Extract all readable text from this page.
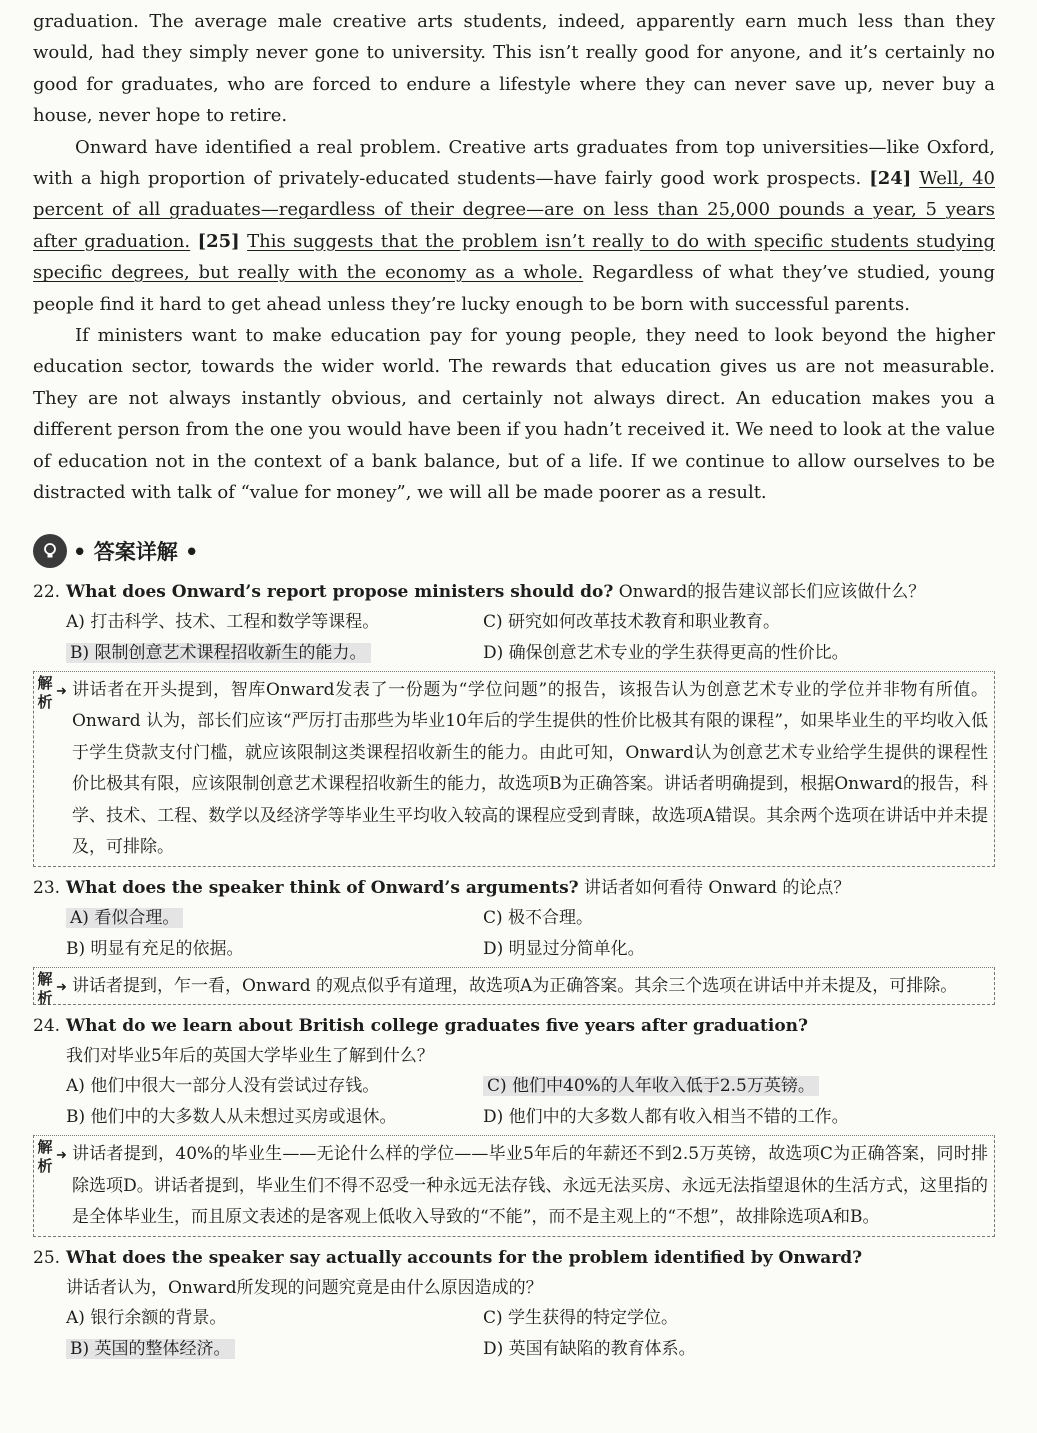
graduation. The average male creative arts students, indeed, apparently earn much less than they would, had they simply never gone to university. This isn’t really good for anyone, and it’s certainly no good for graduates, who are forced to endure a lifestyle where they can never save up, never buy a house, never hope to retire.

Onward have identified a real problem. Creative arts graduates from top universities—like Oxford, with a high proportion of privately-educated students—have fairly good work prospects. [24] Well, 40 percent of all graduates—regardless of their degree—are on less than 25,000 pounds a year, 5 years after graduation. [25] This suggests that the problem isn’t really to do with specific students studying specific degrees, but really with the economy as a whole. Regardless of what they’ve studied, young people find it hard to get ahead unless they’re lucky enough to be born with successful parents.

If ministers want to make education pay for young people, they need to look beyond the higher education sector, towards the wider world. The rewards that education gives us are not measurable. They are not always instantly obvious, and certainly not always direct. An education makes you a different person from the one you would have been if you hadn’t received it. We need to look at the value of education not in the context of a bank balance, but of a life. If we continue to allow ourselves to be distracted with talk of “value for money”, we will all be made poorer as a result.

• 答案详解 •
22. What does Onward’s report propose ministers should do? Onward的报告建议部长们应该做什么？
A) 打击科学、技术、工程和数学等课程。	C) 研究如何改革技术教育和职业教育。
B) 限制创意艺术课程招收新生的能力。	D) 确保创意艺术专业的学生获得更高的性价比。
解析
➜ 讲话者在开头提到，智库Onward发表了一份题为“学位问题”的报告，该报告认为创意艺术专业的学位并非物有所值。Onward 认为，部长们应该“严厉打击那些为毕业10年后的学生提供的性价比极其有限的课程”，如果毕业生的平均收入低于学生贷款支付门槛，就应该限制这类课程招收新生的能力。由此可知，Onward认为创意艺术专业给学生提供的课程性价比极其有限，应该限制创意艺术课程招收新生的能力，故选项B为正确答案。讲话者明确提到，根据Onward的报告，科学、技术、工程、数学以及经济学等毕业生平均收入较高的课程应受到青睐，故选项A错误。其余两个选项在讲话中并未提及，可排除。
23. What does the speaker think of Onward’s arguments? 讲话者如何看待 Onward 的论点？
A) 看似合理。	C) 极不合理。
B) 明显有充足的依据。	D) 明显过分简单化。
解析
➜ 讲话者提到，乍一看，Onward 的观点似乎有道理，故选项A为正确答案。其余三个选项在讲话中并未提及，可排除。
24. What do we learn about British college graduates five years after graduation?
我们对毕业5年后的英国大学毕业生了解到什么？
A) 他们中很大一部分人没有尝试过存钱。	C) 他们中40%的人年收入低于2.5万英镑。
B) 他们中的大多数人从未想过买房或退休。	D) 他们中的大多数人都有收入相当不错的工作。
解析
➜ 讲话者提到，40%的毕业生——无论什么样的学位——毕业5年后的年薪还不到2.5万英镑，故选项C为正确答案，同时排除选项D。讲话者提到，毕业生们不得不忍受一种永远无法存钱、永远无法买房、永远无法指望退休的生活方式，这里指的是全体毕业生，而且原文表述的是客观上低收入导致的“不能”，而不是主观上的“不想”，故排除选项A和B。
25. What does the speaker say actually accounts for the problem identified by Onward?
讲话者认为，Onward所发现的问题究竟是由什么原因造成的？
A) 银行余额的背景。	C) 学生获得的特定学位。
B) 英国的整体经济。	D) 英国有缺陷的教育体系。
